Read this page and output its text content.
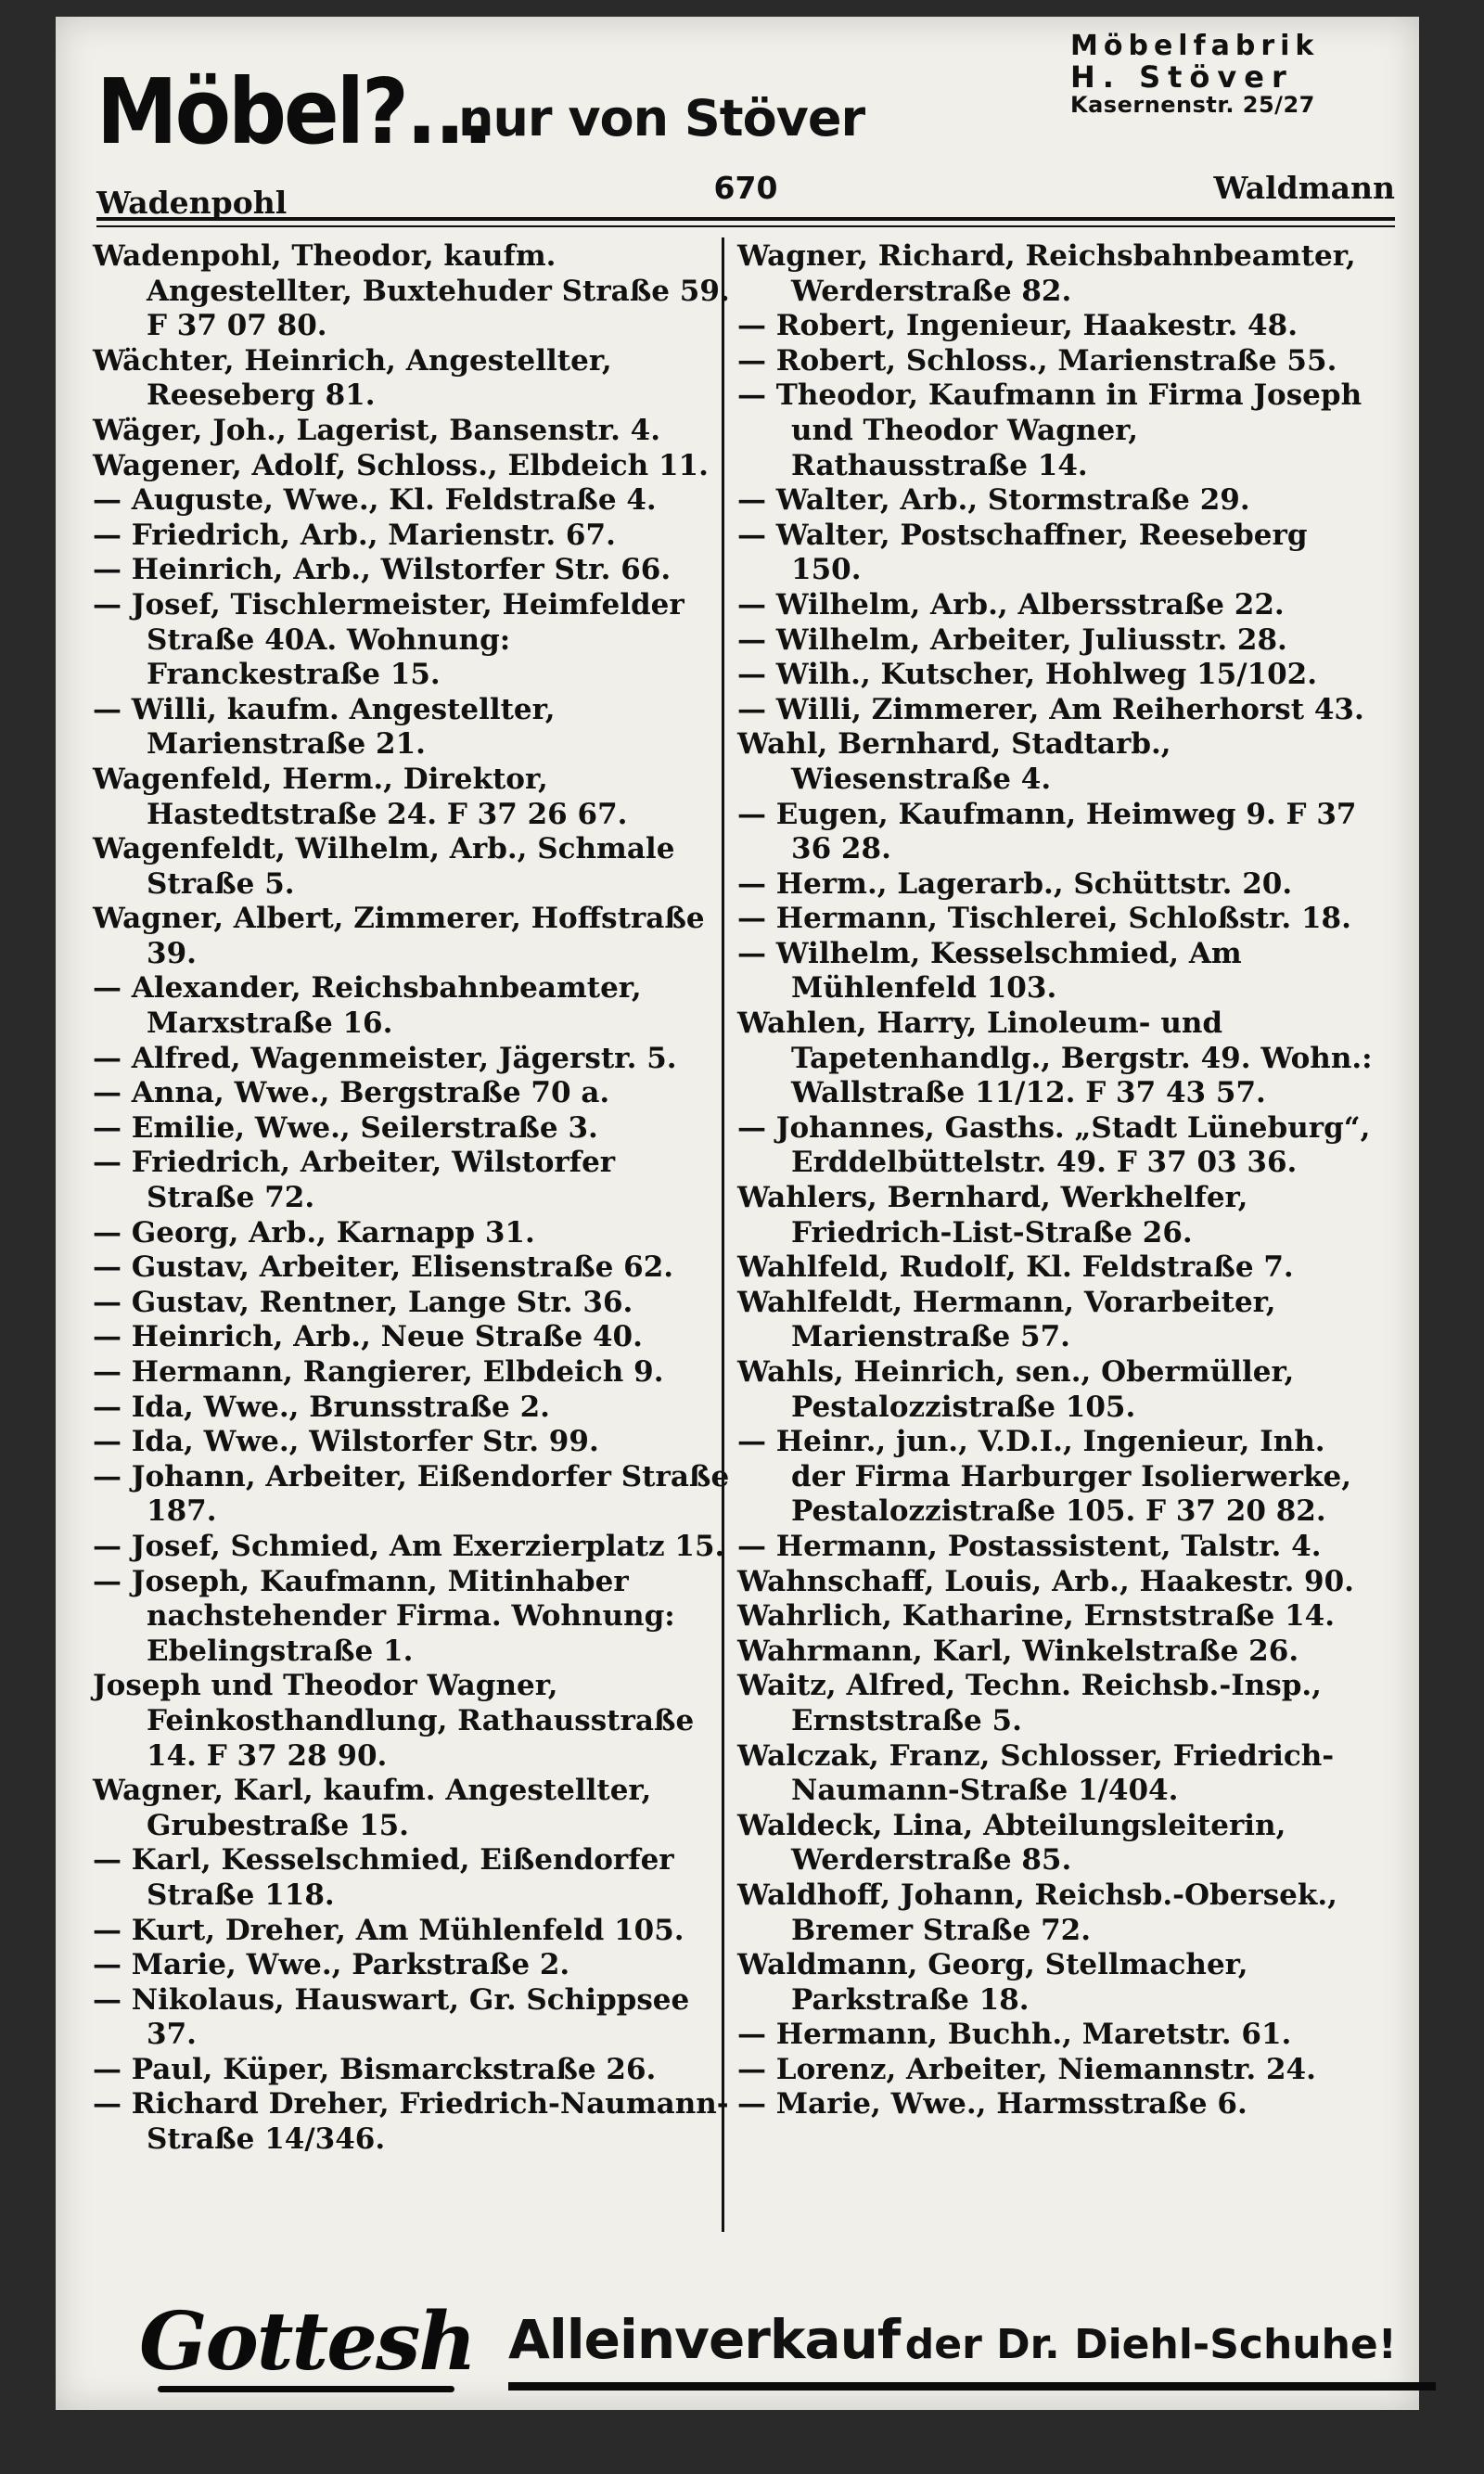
Möbel?...
nur von Stöver
Möbelfabrik
H. Stöver
Kasernenstr. 25/27
Wadenpohl	670	Waldmann
Wadenpohl, Theodor, kaufm. Angestellter, Buxtehuder Straße 59. F 37 07 80.
Wächter, Heinrich, Angestellter, Reeseberg 81.
Wäger, Joh., Lagerist, Bansenstr. 4.
Wagener, Adolf, Schloss., Elbdeich 11.
— Auguste, Wwe., Kl. Feldstraße 4.
— Friedrich, Arb., Marienstr. 67.
— Heinrich, Arb., Wilstorfer Str. 66.
— Josef, Tischlermeister, Heimfelder Straße 40A. Wohnung: Franckestraße 15.
— Willi, kaufm. Angestellter, Marienstraße 21.
Wagenfeld, Herm., Direktor, Hastedtstraße 24. F 37 26 67.
Wagenfeldt, Wilhelm, Arb., Schmale Straße 5.
Wagner, Albert, Zimmerer, Hoffstraße 39.
— Alexander, Reichsbahnbeamter, Marxstraße 16.
— Alfred, Wagenmeister, Jägerstr. 5.
— Anna, Wwe., Bergstraße 70 a.
— Emilie, Wwe., Seilerstraße 3.
— Friedrich, Arbeiter, Wilstorfer Straße 72.
— Georg, Arb., Karnapp 31.
— Gustav, Arbeiter, Elisenstraße 62.
— Gustav, Rentner, Lange Str. 36.
— Heinrich, Arb., Neue Straße 40.
— Hermann, Rangierer, Elbdeich 9.
— Ida, Wwe., Brunsstraße 2.
— Ida, Wwe., Wilstorfer Str. 99.
— Johann, Arbeiter, Eißendorfer Straße 187.
— Josef, Schmied, Am Exerzierplatz 15.
— Joseph, Kaufmann, Mitinhaber nachstehender Firma. Wohnung: Ebelingstraße 1.
Joseph und Theodor Wagner, Feinkosthandlung, Rathausstraße 14. F 37 28 90.
Wagner, Karl, kaufm. Angestellter, Grubestraße 15.
— Karl, Kesselschmied, Eißendorfer Straße 118.
— Kurt, Dreher, Am Mühlenfeld 105.
— Marie, Wwe., Parkstraße 2.
— Nikolaus, Hauswart, Gr. Schippsee 37.
— Paul, Küper, Bismarckstraße 26.
— Richard Dreher, Friedrich-Naumann-Straße 14/346.
Wagner, Richard, Reichsbahnbeamter, Werderstraße 82.
— Robert, Ingenieur, Haakestr. 48.
— Robert, Schloss., Marienstraße 55.
— Theodor, Kaufmann in Firma Joseph und Theodor Wagner, Rathausstraße 14.
— Walter, Arb., Stormstraße 29.
— Walter, Postschaffner, Reeseberg 150.
— Wilhelm, Arb., Albersstraße 22.
— Wilhelm, Arbeiter, Juliusstr. 28.
— Wilh., Kutscher, Hohlweg 15/102.
— Willi, Zimmerer, Am Reiherhorst 43.
Wahl, Bernhard, Stadtarb., Wiesenstraße 4.
— Eugen, Kaufmann, Heimweg 9. F 37 36 28.
— Herm., Lagerarb., Schüttstr. 20.
— Hermann, Tischlerei, Schloßstr. 18.
— Wilhelm, Kesselschmied, Am Mühlenfeld 103.
Wahlen, Harry, Linoleum- und Tapetenhandlg., Bergstr. 49. Wohn.: Wallstraße 11/12. F 37 43 57.
— Johannes, Gasths. „Stadt Lüneburg“, Erddelbüttelstr. 49. F 37 03 36.
Wahlers, Bernhard, Werkhelfer, Friedrich-List-Straße 26.
Wahlfeld, Rudolf, Kl. Feldstraße 7.
Wahlfeldt, Hermann, Vorarbeiter, Marienstraße 57.
Wahls, Heinrich, sen., Obermüller, Pestalozzistraße 105.
— Heinr., jun., V.D.I., Ingenieur, Inh. der Firma Harburger Isolierwerke, Pestalozzistraße 105. F 37 20 82.
— Hermann, Postassistent, Talstr. 4.
Wahnschaff, Louis, Arb., Haakestr. 90.
Wahrlich, Katharine, Ernststraße 14.
Wahrmann, Karl, Winkelstraße 26.
Waitz, Alfred, Techn. Reichsb.-Insp., Ernststraße 5.
Walczak, Franz, Schlosser, Friedrich-Naumann-Straße 1/404.
Waldeck, Lina, Abteilungsleiterin, Werderstraße 85.
Waldhoff, Johann, Reichsb.-Obersek., Bremer Straße 72.
Waldmann, Georg, Stellmacher, Parkstraße 18.
— Hermann, Buchh., Maretstr. 61.
— Lorenz, Arbeiter, Niemannstr. 24.
— Marie, Wwe., Harmsstraße 6.
Gottesh Alleinverkauf der Dr. Diehl-Schuhe!
